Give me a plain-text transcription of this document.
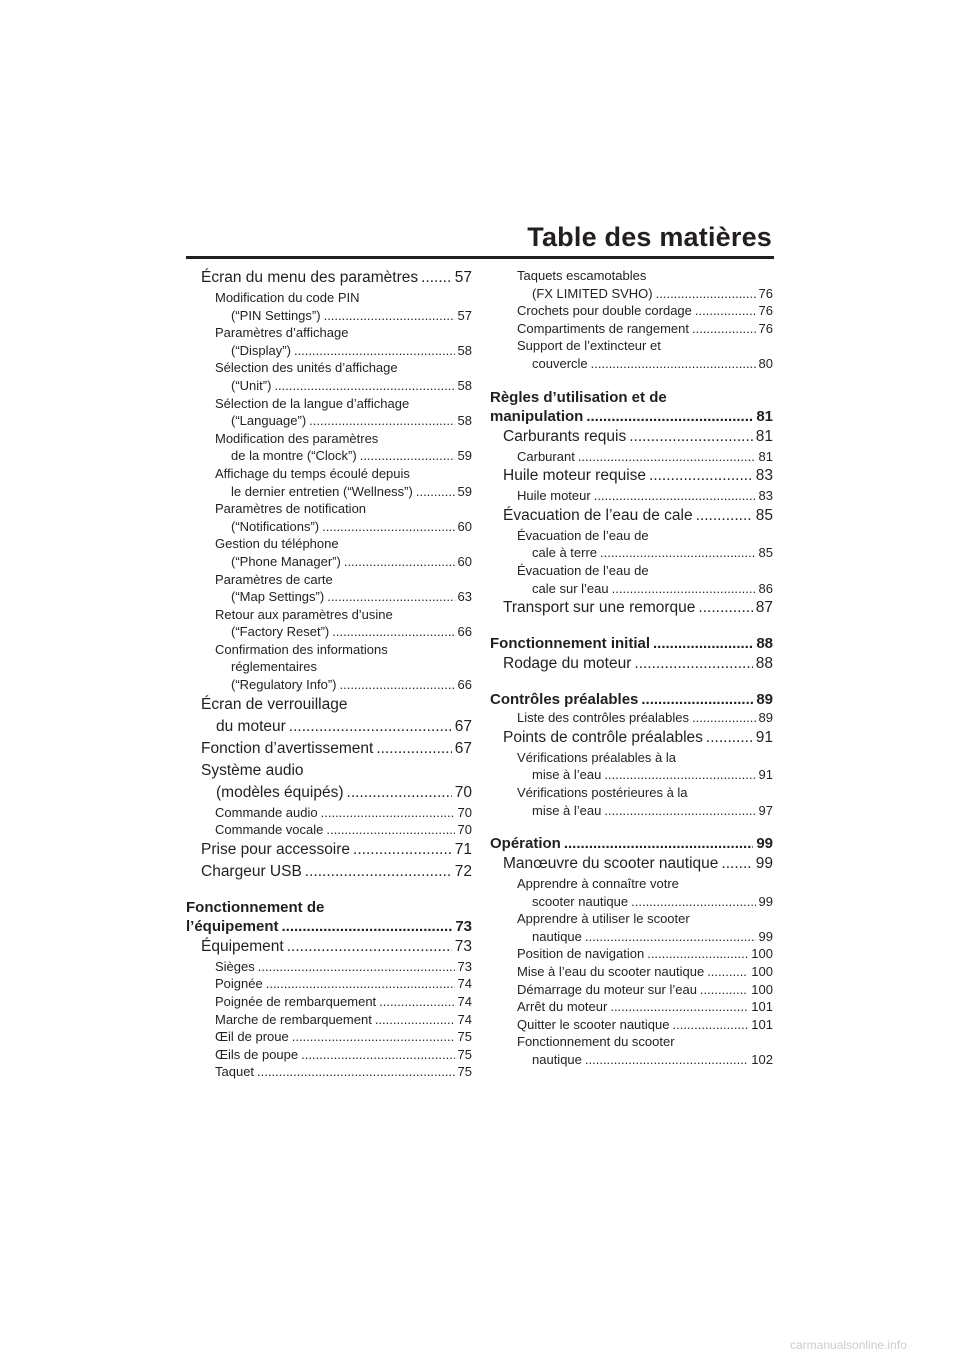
Table des matières
Écran du menu des paramètres ..... 57
Modification du code PIN
(“PIN Settings”) .....	57
Paramètres d’affichage
(“Display”) .....	58
Sélection des unités d’affichage
(“Unit”) .....	58
Sélection de la langue d’affichage
(“Language”) .....	58
Modification des paramètres
de la montre (“Clock”) .....	59
Affichage du temps écoulé depuis
le dernier entretien (“Wellness”) .....	59
Paramètres de notification
(“Notifications”) .....	60
Gestion du téléphone
(“Phone Manager”) .....	60
Paramètres de carte
(“Map Settings”) .....	63
Retour aux paramètres d’usine
(“Factory Reset”) .....	66
Confirmation des informations
réglementaires
(“Regulatory Info”) .....	66
Écran de verrouillage
du moteur .....	67
Fonction d’avertissement .....	67
Système audio
(modèles équipés) .....	70
Commande audio .....	70
Commande vocale .....	70
Prise pour accessoire .....	71
Chargeur USB .....	72
Fonctionnement de
l’équipement .....	73
Équipement .....	73
Sièges .....	73
Poignée .....	74
Poignée de rembarquement .....	74
Marche de rembarquement .....	74
Œil de proue .....	75
Œils de poupe .....	75
Taquet .....	75
Taquets escamotables
(FX LIMITED SVHO) .....	76
Crochets pour double cordage .....	76
Compartiments de rangement .....	76
Support de l’extincteur et
couvercle .....	80
Règles d’utilisation et de
manipulation .....	81
Carburants requis .....	81
Carburant .....	81
Huile moteur requise .....	83
Huile moteur .....	83
Évacuation de l’eau de cale .....	85
Évacuation de l’eau de
cale à terre .....	85
Évacuation de l’eau de
cale sur l’eau .....	86
Transport sur une remorque .....	87
Fonctionnement initial .....	88
Rodage du moteur .....	88
Contrôles préalables .....	89
Liste des contrôles préalables .....	89
Points de contrôle préalables .....	91
Vérifications préalables à la
mise à l’eau .....	91
Vérifications postérieures à la
mise à l’eau .....	97
Opération .....	99
Manœuvre du scooter nautique ..... 99
Apprendre à connaître votre
scooter nautique .....	99
Apprendre à utiliser le scooter
nautique .....	99
Position de navigation .....	100
Mise à l’eau du scooter nautique .....	100
Démarrage du moteur sur l’eau .....	100
Arrêt du moteur .....	101
Quitter le scooter nautique .....	101
Fonctionnement du scooter
nautique .....	102
carmanualsonline.info
